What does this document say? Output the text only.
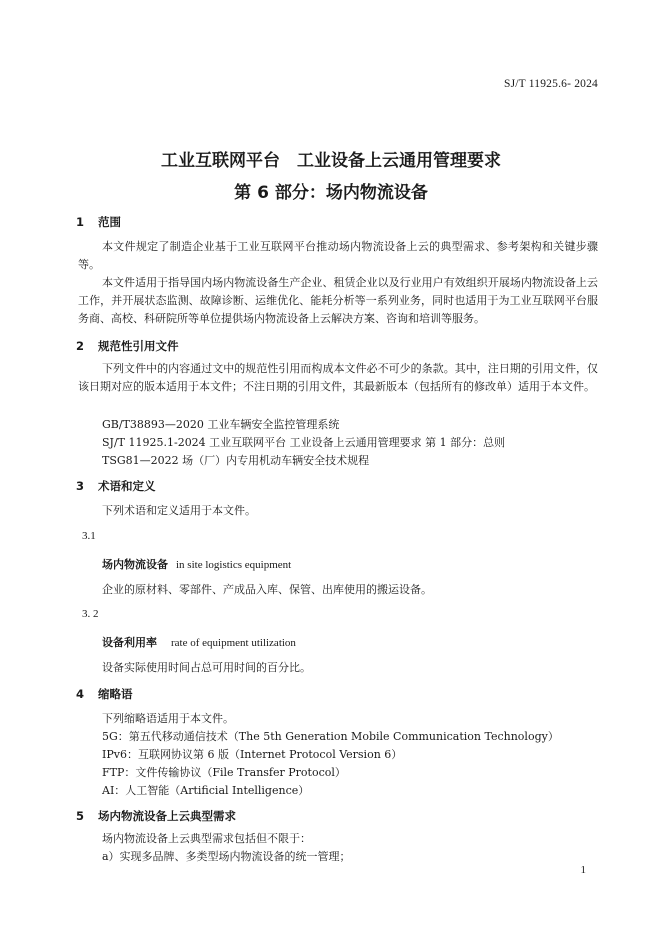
SJ/T 11925.6- 2024
工业互联网平台　工业设备上云通用管理要求
第 6 部分：场内物流设备
1 范围
本文件规定了制造企业基于工业互联网平台推动场内物流设备上云的典型需求、参考架构和关键步骤等。
本文件适用于指导国内场内物流设备生产企业、租赁企业以及行业用户有效组织开展场内物流设备上云工作，并开展状态监测、故障诊断、运维优化、能耗分析等一系列业务，同时也适用于为工业互联网平台服务商、高校、科研院所等单位提供场内物流设备上云解决方案、咨询和培训等服务。
2 规范性引用文件
下列文件中的内容通过文中的规范性引用而构成本文件必不可少的条款。其中，注日期的引用文件，仅该日期对应的版本适用于本文件；不注日期的引用文件，其最新版本（包括所有的修改单）适用于本文件。
GB/T38893—2020 工业车辆安全监控管理系统
SJ/T 11925.1-2024 工业互联网平台 工业设备上云通用管理要求 第 1 部分：总则
TSG81—2022 场（厂）内专用机动车辆安全技术规程
3 术语和定义
下列术语和定义适用于本文件。
3.1
场内物流设备 in site logistics equipment
企业的原材料、零部件、产成品入库、保管、出库使用的搬运设备。
3. 2
设备利用率 rate of equipment utilization
设备实际使用时间占总可用时间的百分比。
4 缩略语
下列缩略语适用于本文件。
5G：第五代移动通信技术（The 5th Generation Mobile Communication Technology）
IPv6：互联网协议第 6 版（Internet Protocol Version 6）
FTP：文件传输协议（File Transfer Protocol）
AI：人工智能（Artificial Intelligence）
5 场内物流设备上云典型需求
场内物流设备上云典型需求包括但不限于：
a）实现多品牌、多类型场内物流设备的统一管理；
1
